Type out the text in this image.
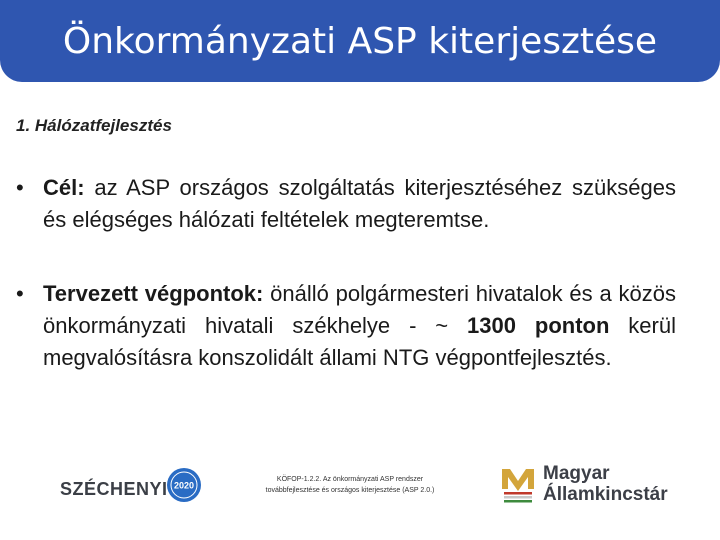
Önkormányzati ASP kiterjesztése
1. Hálózatfejlesztés
• Cél: az ASP országos szolgáltatás kiterjesztéséhez szükséges és elégséges hálózati feltételek megteremtse.
• Tervezett végpontok: önálló polgármesteri hivatalok és a közös önkormányzati hivatali székhelye - ~ 1300 ponton kerül megvalósításra konszolidált állami NTG végpontfejlesztés.
SZÉCHENYI 2020
KÖFOP-1.2.2. Az önkormányzati ASP rendszer
továbbfejlesztése és országos kiterjesztése (ASP 2.0.)
Magyar
Államkincstár
